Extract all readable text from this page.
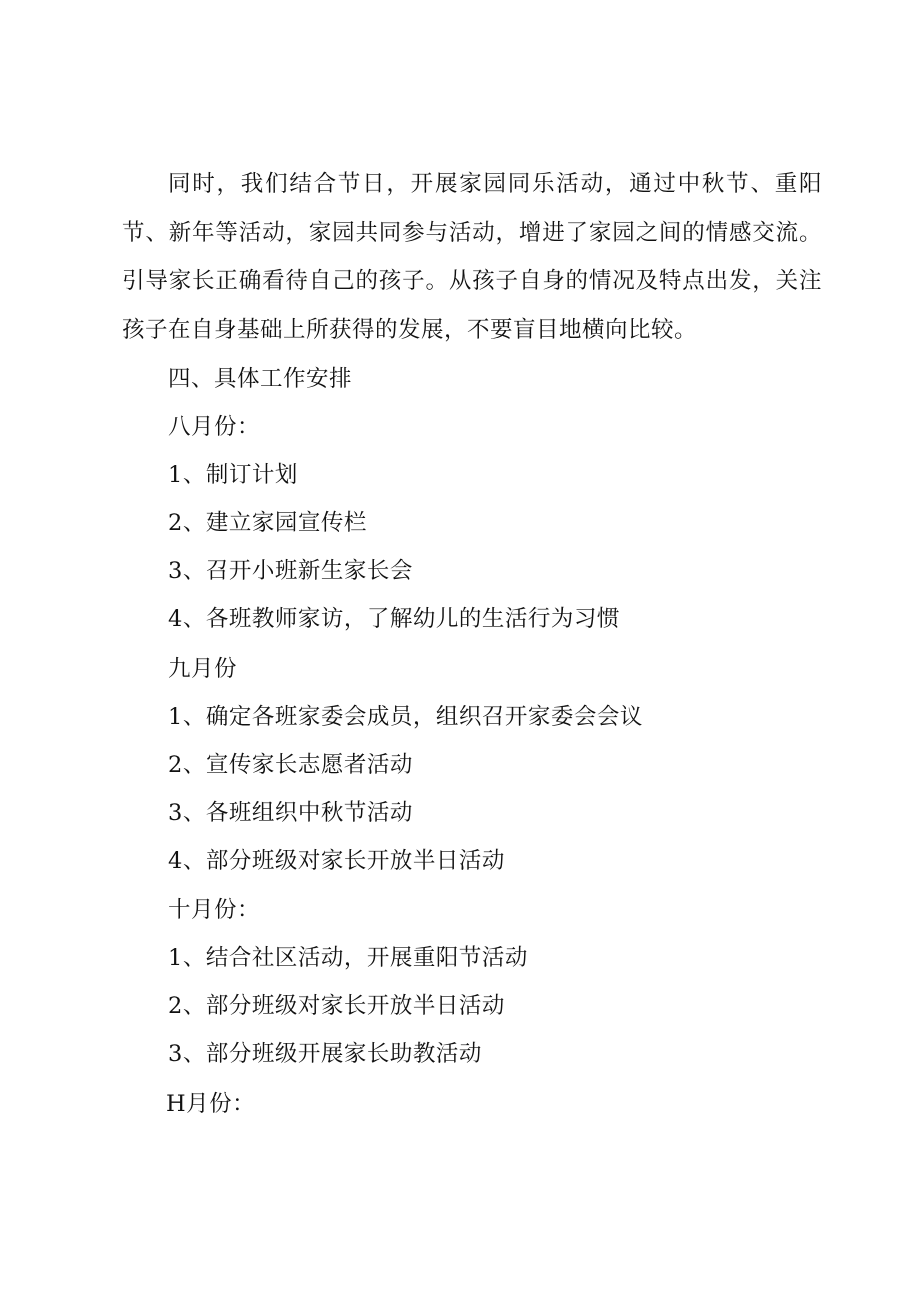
同时，我们结合节日，开展家园同乐活动，通过中秋节、重阳节、新年等活动，家园共同参与活动，增进了家园之间的情感交流。引导家长正确看待自己的孩子。从孩子自身的情况及特点出发，关注孩子在自身基础上所获得的发展，不要盲目地横向比较。

四、具体工作安排

八月份：

1、制订计划

2、建立家园宣传栏

3、召开小班新生家长会

4、各班教师家访，了解幼儿的生活行为习惯

九月份

1、确定各班家委会成员，组织召开家委会会议

2、宣传家长志愿者活动

3、各班组织中秋节活动

4、部分班级对家长开放半日活动

十月份：

1、结合社区活动，开展重阳节活动

2、部分班级对家长开放半日活动

3、部分班级开展家长助教活动

H月份：
